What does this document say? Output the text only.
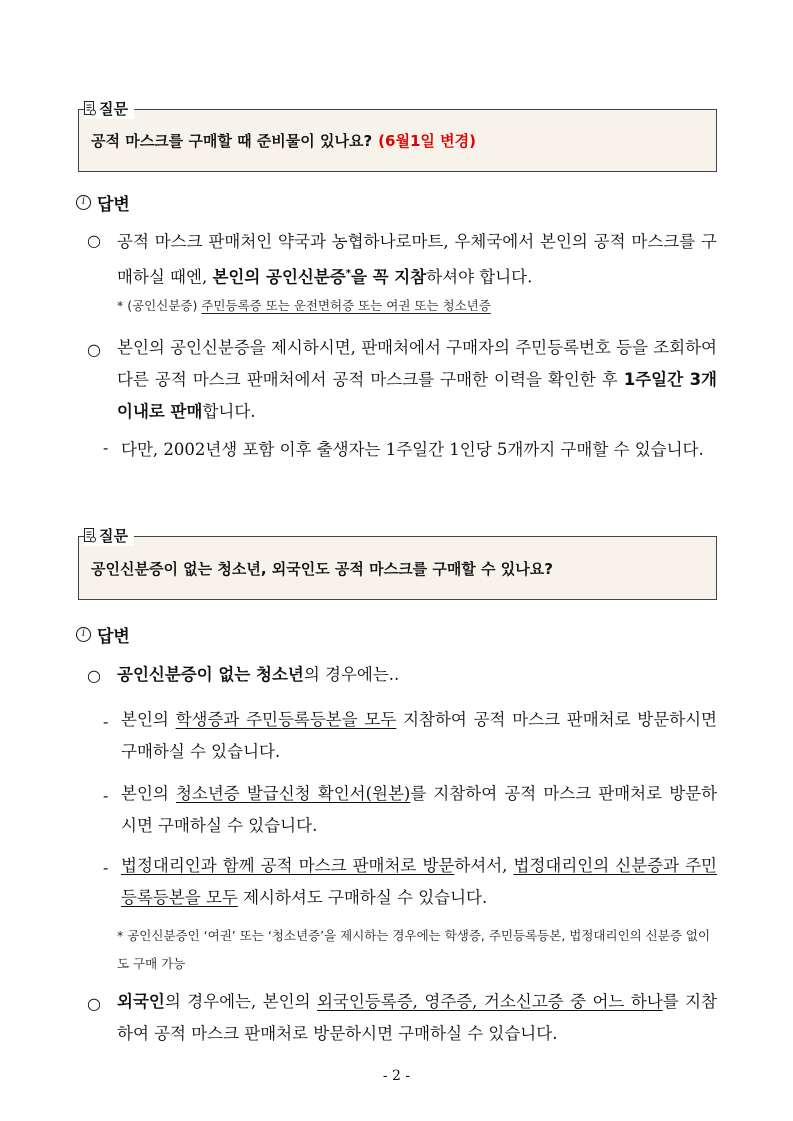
질문
공적 마스크를 구매할 때 준비물이 있나요? (6월1일 변경)
i 답변
○ 공적 마스크 판매처인 약국과 농협하나로마트, 우체국에서 본인의 공적 마스크를 구매하실 때엔, 본인의 공인신분증*을 꼭 지참하셔야 합니다.
* (공인신분증) 주민등록증 또는 운전면허증 또는 여권 또는 청소년증
○ 본인의 공인신분증을 제시하시면, 판매처에서 구매자의 주민등록번호 등을 조회하여 다른 공적 마스크 판매처에서 공적 마스크를 구매한 이력을 확인한 후 1주일간 3개 이내로 판매합니다.
- 다만, 2002년생 포함 이후 출생자는 1주일간 1인당 5개까지 구매할 수 있습니다.
질문
공인신분증이 없는 청소년, 외국인도 공적 마스크를 구매할 수 있나요?
i 답변
○ 공인신분증이 없는 청소년의 경우에는..
- 본인의 학생증과 주민등록등본을 모두 지참하여 공적 마스크 판매처로 방문하시면 구매하실 수 있습니다.
- 본인의 청소년증 발급신청 확인서(원본)를 지참하여 공적 마스크 판매처로 방문하시면 구매하실 수 있습니다.
- 법정대리인과 함께 공적 마스크 판매처로 방문하셔서, 법정대리인의 신분증과 주민등록등본을 모두 제시하셔도 구매하실 수 있습니다.
* 공인신분증인 ‘여권’ 또는 ‘청소년증’을 제시하는 경우에는 학생증, 주민등록등본, 법정대리인의 신분증 없이도 구매 가능
○ 외국인의 경우에는, 본인의 외국인등록증, 영주증, 거소신고증 중 어느 하나를 지참하여 공적 마스크 판매처로 방문하시면 구매하실 수 있습니다.
- 2 -
